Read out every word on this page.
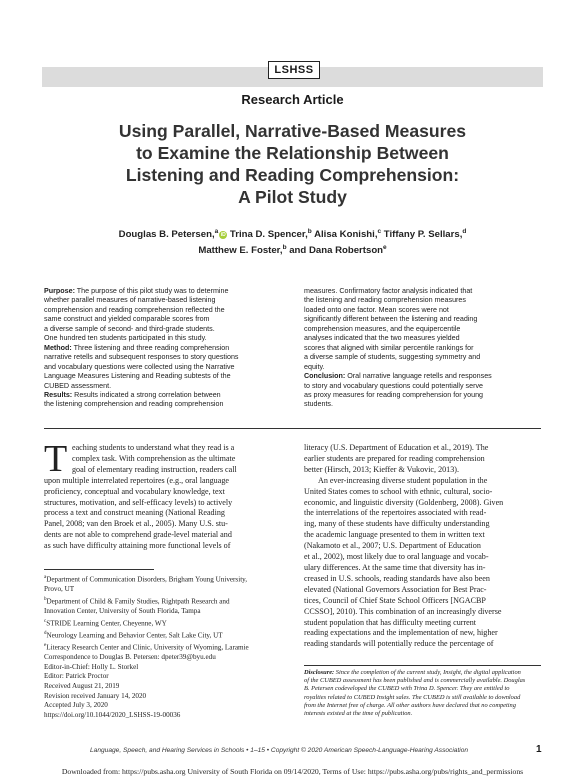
LSHSS
Research Article
Using Parallel, Narrative-Based Measures
to Examine the Relationship Between
Listening and Reading Comprehension:
A Pilot Study
Douglas B. Petersen,$^a$iD Trina D. Spencer,$^b$ Alisa Konishi,$^c$ Tiffany P. Sellars,$^d$
Matthew E. Foster,$^b$ and Dana Robertson$^e$
Purpose: The purpose of this pilot study was to determine
whether parallel measures of narrative-based listening
comprehension and reading comprehension reflected the
same construct and yielded comparable scores from
a diverse sample of second- and third-grade students.
One hundred ten students participated in this study.
Method: Three listening and three reading comprehension
narrative retells and subsequent responses to story questions
and vocabulary questions were collected using the Narrative
Language Measures Listening and Reading subtests of the
CUBED assessment.
Results: Results indicated a strong correlation between
the listening comprehension and reading comprehension
measures. Confirmatory factor analysis indicated that
the listening and reading comprehension measures
loaded onto one factor. Mean scores were not
significantly different between the listening and reading
comprehension measures, and the equipercentile
analyses indicated that the two measures yielded
scores that aligned with similar percentile rankings for
a diverse sample of students, suggesting symmetry and
equity.
Conclusion: Oral narrative language retells and responses
to story and vocabulary questions could potentially serve
as proxy measures for reading comprehension for young
students.
T eaching students to understand what they read is a
complex task. With comprehension as the ultimate
goal of elementary reading instruction, readers call
upon multiple interrelated repertoires (e.g., oral language
proficiency, conceptual and vocabulary knowledge, text
structures, motivation, and self-efficacy levels) to actively
process a text and construct meaning (National Reading
Panel, 2008; van den Broek et al., 2005). Many U.S. stu-
dents are not able to comprehend grade-level material and
as such have difficulty attaining more functional levels of
literacy (U.S. Department of Education et al., 2019). The
earlier students are prepared for reading comprehension
better (Hirsch, 2013; Kieffer & Vukovic, 2013).
An ever-increasing diverse student population in the
United States comes to school with ethnic, cultural, socio-
economic, and linguistic diversity (Goldenberg, 2008). Given
the interrelations of the repertoires associated with read-
ing, many of these students have difficulty understanding
the academic language presented to them in written text
(Nakamoto et al., 2007; U.S. Department of Education
et al., 2002), most likely due to oral language and vocab-
ulary differences. At the same time that diversity has in-
creased in U.S. schools, reading standards have also been
elevated (National Governors Association for Best Prac-
tices, Council of Chief State School Officers [NGACBP
CCSSO], 2010). This combination of an increasingly diverse
student population that has difficulty meeting current
reading expectations and the implementation of new, higher
reading standards will potentially reduce the percentage of
$^a$Department of Communication Disorders, Brigham Young University,
Provo, UT
$^b$Department of Child & Family Studies, Rightpath Research and
Innovation Center, University of South Florida, Tampa
$^c$STRIDE Learning Center, Cheyenne, WY
$^d$Neurology Learning and Behavior Center, Salt Lake City, UT
$^e$Literacy Research Center and Clinic, University of Wyoming, Laramie
Correspondence to Douglas B. Petersen: dpeter39@byu.edu
Editor-in-Chief: Holly L. Storkel
Editor: Patrick Proctor
Received August 21, 2019
Revision received January 14, 2020
Accepted July 3, 2020
https://doi.org/10.1044/2020_LSHSS-19-00036
Disclosure: Since the completion of the current study, Insight, the digital application
of the CUBED assessment has been published and is commercially available. Douglas
B. Petersen codeveloped the CUBED with Trina D. Spencer. They are entitled to
royalties related to CUBED Insight sales. The CUBED is still available to download
from the Internet free of charge. All other authors have declared that no competing
interests existed at the time of publication.
Language, Speech, and Hearing Services in Schools • 1–15 • Copyright © 2020 American Speech-Language-Hearing Association	1
Downloaded from: https://pubs.asha.org University of South Florida on 09/14/2020, Terms of Use: https://pubs.asha.org/pubs/rights_and_permissions
